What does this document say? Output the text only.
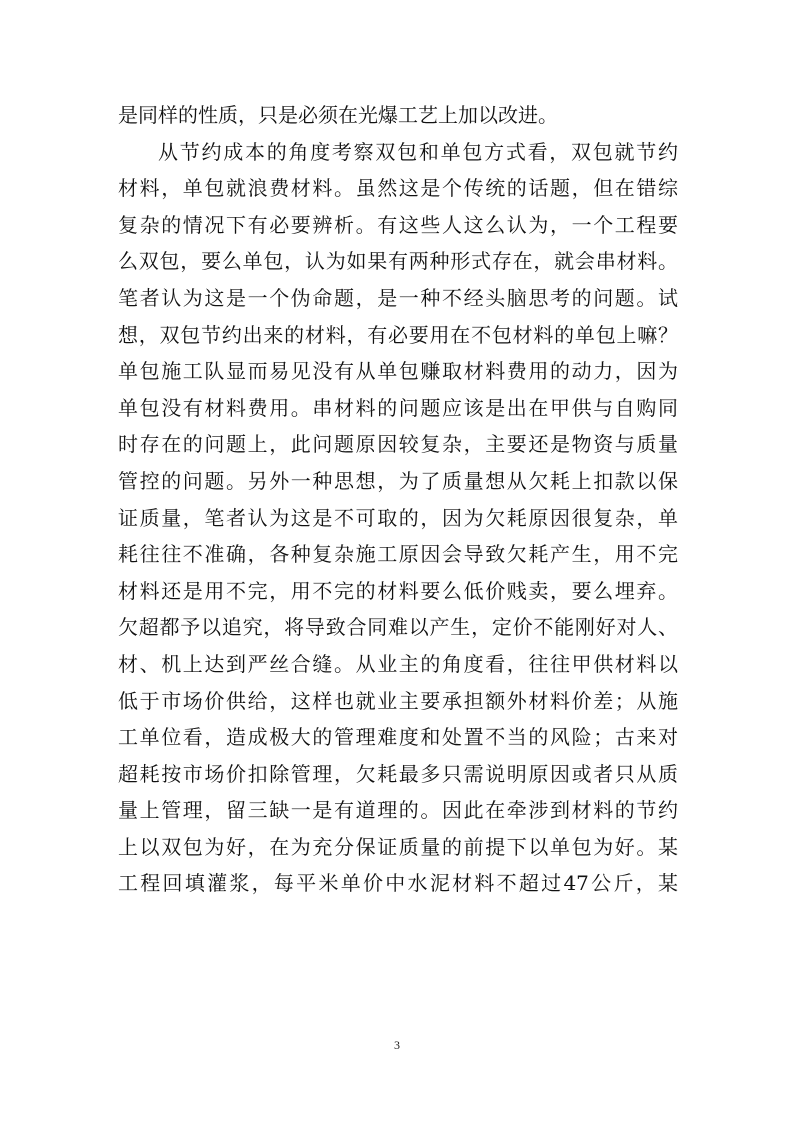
是同样的性质，只是必须在光爆工艺上加以改进。
从节约成本的角度考察双包和单包方式看，双包就节约
材料，单包就浪费材料。虽然这是个传统的话题，但在错综
复杂的情况下有必要辨析。有这些人这么认为，一个工程要
么双包，要么单包，认为如果有两种形式存在，就会串材料。
笔者认为这是一个伪命题，是一种不经头脑思考的问题。试
想，双包节约出来的材料，有必要用在不包材料的单包上嘛？
单包施工队显而易见没有从单包赚取材料费用的动力，因为
单包没有材料费用。串材料的问题应该是出在甲供与自购同
时存在的问题上，此问题原因较复杂，主要还是物资与质量
管控的问题。另外一种思想，为了质量想从欠耗上扣款以保
证质量，笔者认为这是不可取的，因为欠耗原因很复杂，单
耗往往不准确，各种复杂施工原因会导致欠耗产生，用不完
材料还是用不完，用不完的材料要么低价贱卖，要么埋弃。
欠超都予以追究，将导致合同难以产生，定价不能刚好对人、
材、机上达到严丝合缝。从业主的角度看，往往甲供材料以
低于市场价供给，这样也就业主要承担额外材料价差；从施
工单位看，造成极大的管理难度和处置不当的风险；古来对
超耗按市场价扣除管理，欠耗最多只需说明原因或者只从质
量上管理，留三缺一是有道理的。因此在牵涉到材料的节约
上以双包为好，在为充分保证质量的前提下以单包为好。某
工程回填灌浆，每平米单价中水泥材料不超过47公斤，某
3
